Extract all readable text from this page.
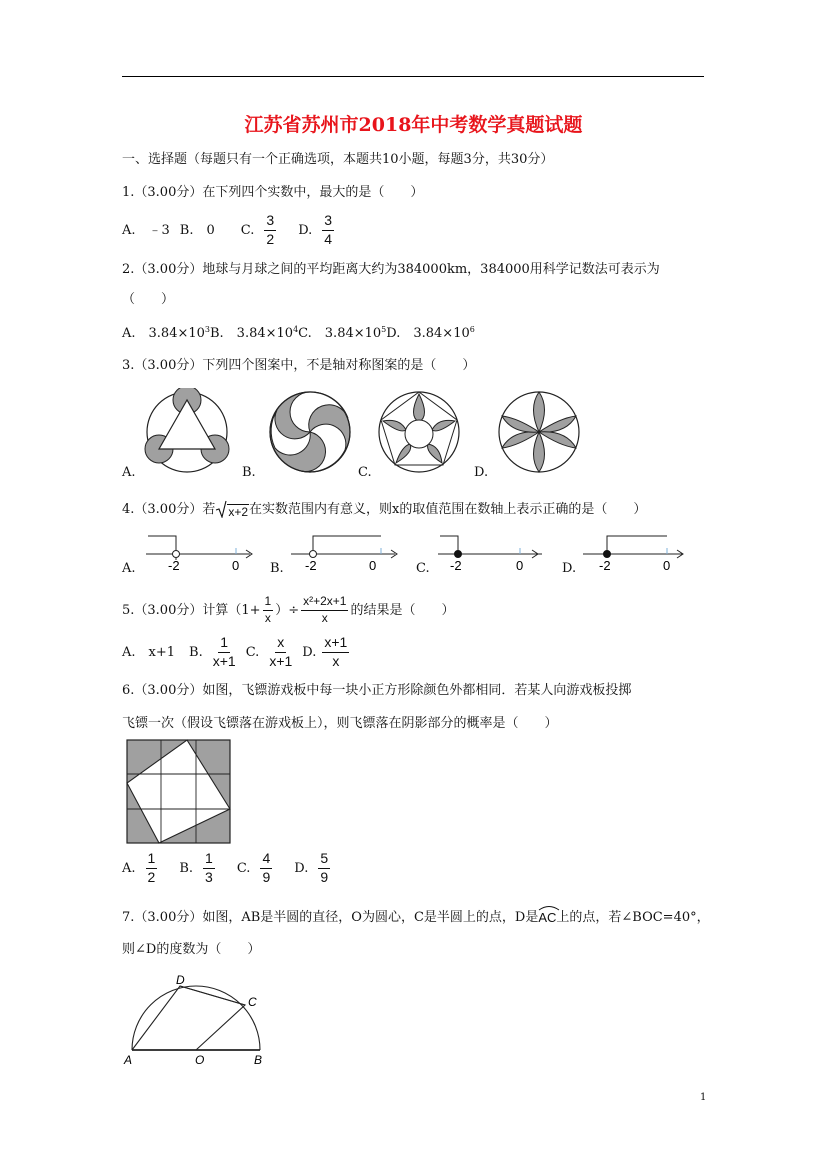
江苏省苏州市2018年中考数学真题试题
一、选择题（每题只有一个正确选项，本题共10小题，每题3分，共30分）
1.（3.00分）在下列四个实数中，最大的是（　　）
A.　﹣3 B.　0 C. $\frac{3}{2} D$. $\frac{3}{4}$
2.（3.00分）地球与月球之间的平均距离大约为384000km，384000用科学记数法可表示为
（　　）
A.　$3.84\times 10^3B$.　$3.84\times 10^4C$.　$3.84\times 10^5D$.　$3.84\times 10^6$
3.（3.00分）下列四个图案中，不是轴对称图案的是（　　）
A.	B.	C.	D.
4.（3.00分）若 x+2 在实数范围内有意义，则x的取值范围在数轴上表示正确的是（　　）
-2	0	-2	0	-2	0	-2	0
A.	B.	C.	D.
5.（3.00分）计算（$1+ \frac{1}{x}$ ）÷ $\frac{\text{x²+2x+1}}{x}$ 的结果是（　　）
A.　x+1 B. $\frac{1}{x+1} C$. $\frac{x}{x+1} D$. $\frac{x+1}{x}$
6.（3.00分）如图，飞镖游戏板中每一块小正方形除颜色外都相同．若某人向游戏板投掷
飞镖一次（假设飞镖落在游戏板上），则飞镖落在阴影部分的概率是（　　）
A. $\frac{1}{2} B$. $\frac{1}{3} C$. $\frac{4}{9} D$. $\frac{5}{9}$
7.（3.00分）如图，AB是半圆的直径，O为圆心，C是半圆上的点，D是 AC 上的点，若∠BOC=40°，
则∠D的度数为（　　）
A	O	B
C
D
1
